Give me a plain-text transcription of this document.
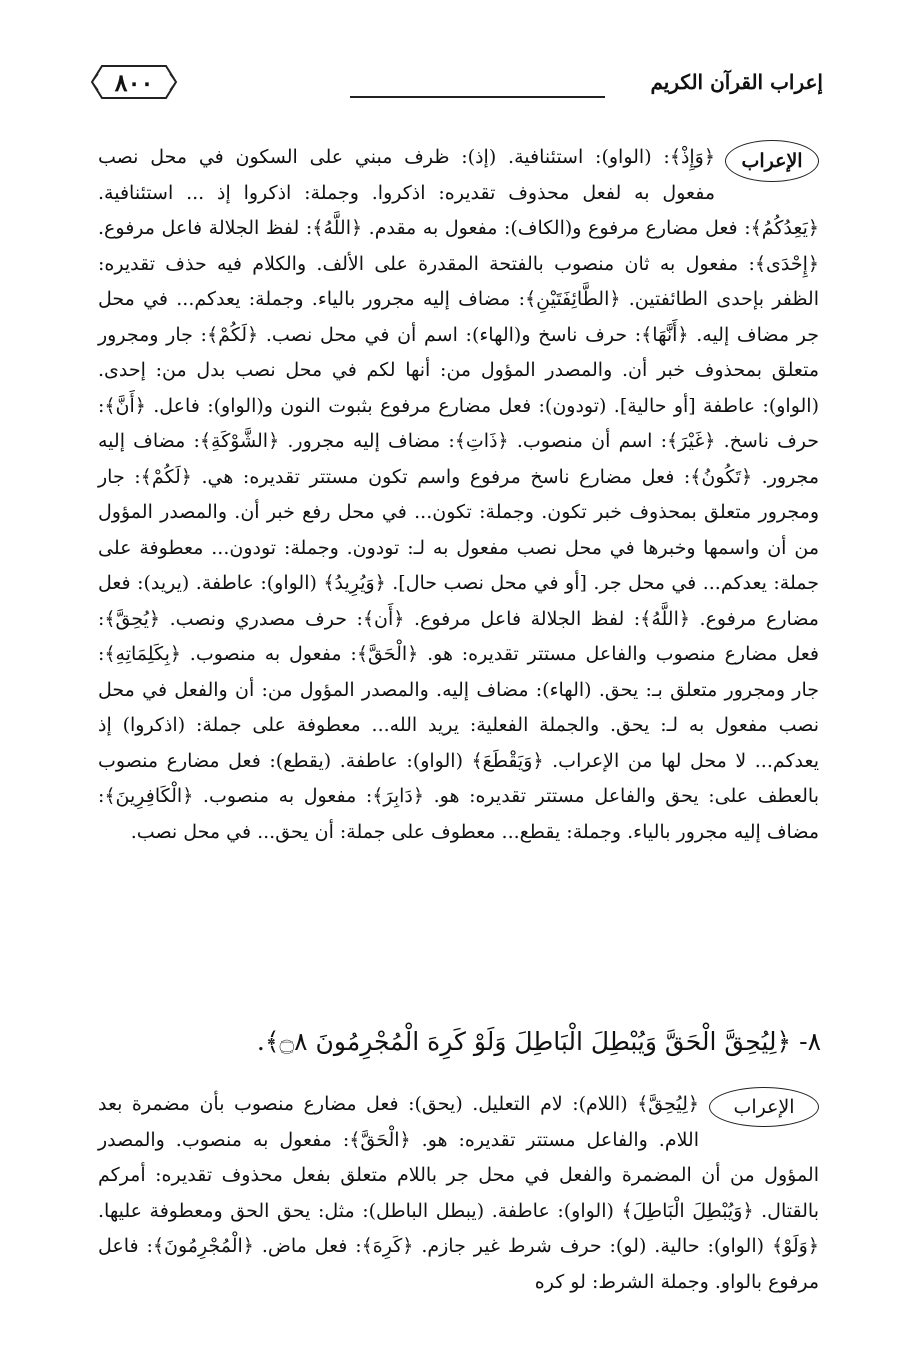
٨٠٠	إعراب القرآن الكريم
الإعراب

﴿وَإِذْ﴾: (الواو): استئنافية. (إذ): ظرف مبني على السكون في محل نصب مفعول به لفعل محذوف تقديره: اذكروا. وجملة: اذكروا إذ ... استئنافية. ﴿يَعِدُكُمُ﴾: فعل مضارع مرفوع و(الكاف): مفعول به مقدم. ﴿اللَّهُ﴾: لفظ الجلالة فاعل مرفوع. ﴿إِحْدَى﴾: مفعول به ثان منصوب بالفتحة المقدرة على الألف. والكلام فيه حذف تقديره: الظفر بإحدى الطائفتين. ﴿الطَّائِفَتَيْنِ﴾: مضاف إليه مجرور بالياء. وجملة: يعدكم... في محل جر مضاف إليه. ﴿أَنَّهَا﴾: حرف ناسخ و(الهاء): اسم أن في محل نصب. ﴿لَكُمْ﴾: جار ومجرور متعلق بمحذوف خبر أن. والمصدر المؤول من: أنها لكم في محل نصب بدل من: إحدى. (الواو): عاطفة [أو حالية]. (تودون): فعل مضارع مرفوع بثبوت النون و(الواو): فاعل. ﴿أَنَّ﴾: حرف ناسخ. ﴿غَيْرَ﴾: اسم أن منصوب. ﴿ذَاتِ﴾: مضاف إليه مجرور. ﴿الشَّوْكَةِ﴾: مضاف إليه مجرور. ﴿تَكُونُ﴾: فعل مضارع ناسخ مرفوع واسم تكون مستتر تقديره: هي. ﴿لَكُمْ﴾: جار ومجرور متعلق بمحذوف خبر تكون. وجملة: تكون... في محل رفع خبر أن. والمصدر المؤول من أن واسمها وخبرها في محل نصب مفعول به لـ: تودون. وجملة: تودون... معطوفة على جملة: يعدكم... في محل جر. [أو في محل نصب حال]. ﴿وَيُرِيدُ﴾ (الواو): عاطفة. (يريد): فعل مضارع مرفوع. ﴿اللَّهُ﴾: لفظ الجلالة فاعل مرفوع. ﴿أَن﴾: حرف مصدري ونصب. ﴿يُحِقَّ﴾: فعل مضارع منصوب والفاعل مستتر تقديره: هو. ﴿الْحَقَّ﴾: مفعول به منصوب. ﴿بِكَلِمَاتِهِ﴾: جار ومجرور متعلق بـ: يحق. (الهاء): مضاف إليه. والمصدر المؤول من: أن والفعل في محل نصب مفعول به لـ: يحق. والجملة الفعلية: يريد الله... معطوفة على جملة: (اذكروا) إذ يعدكم... لا محل لها من الإعراب. ﴿وَيَقْطَعَ﴾ (الواو): عاطفة. (يقطع): فعل مضارع منصوب بالعطف على: يحق والفاعل مستتر تقديره: هو. ﴿دَابِرَ﴾: مفعول به منصوب. ﴿الْكَافِرِينَ﴾: مضاف إليه مجرور بالياء. وجملة: يقطع... معطوف على جملة: أن يحق... في محل نصب.

٨- ﴿لِيُحِقَّ الْحَقَّ وَيُبْطِلَ الْبَاطِلَ وَلَوْ كَرِهَ الْمُجْرِمُونَ ۝٨﴾.
الإعراب

﴿لِيُحِقَّ﴾ (اللام): لام التعليل. (يحق): فعل مضارع منصوب بأن مضمرة بعد اللام. والفاعل مستتر تقديره: هو. ﴿الْحَقَّ﴾: مفعول به منصوب. والمصدر المؤول من أن المضمرة والفعل في محل جر باللام متعلق بفعل محذوف تقديره: أمركم بالقتال. ﴿وَيُبْطِلَ الْبَاطِلَ﴾ (الواو): عاطفة. (يبطل الباطل): مثل: يحق الحق ومعطوفة عليها. ﴿وَلَوْ﴾ (الواو): حالية. (لو): حرف شرط غير جازم. ﴿كَرِهَ﴾: فعل ماض. ﴿الْمُجْرِمُونَ﴾: فاعل مرفوع بالواو. وجملة الشرط: لو كره
